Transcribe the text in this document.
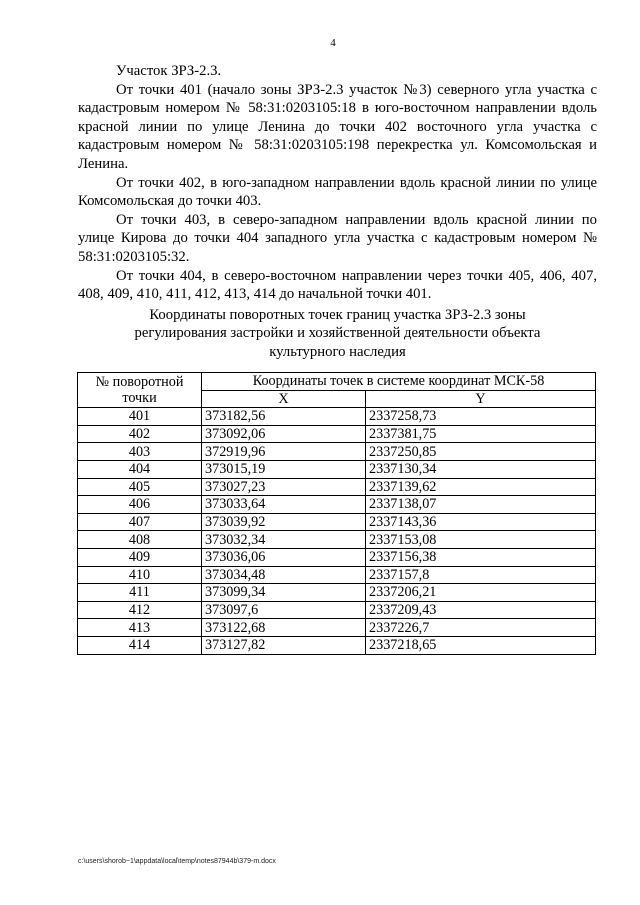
4

Участок ЗРЗ-2.3.

От точки 401 (начало зоны ЗРЗ-2.3 участок №3) северного угла участка с кадастровым номером № 58:31:0203105:18 в юго-восточном направлении вдоль красной линии по улице Ленина до точки 402 восточного угла участка с кадастровым номером № 58:31:0203105:198 перекрестка ул. Комсомольская и Ленина.

От точки 402, в юго-западном направлении вдоль красной линии по улице Комсомольская до точки 403.

От точки 403, в северо-западном направлении вдоль красной линии по улице Кирова до точки 404 западного угла участка с кадастровым номером № 58:31:0203105:32.

От точки 404, в северо-восточном направлении через точки 405, 406, 407, 408, 409, 410, 411, 412, 413, 414 до начальной точки 401.

Координаты поворотных точек границ участка ЗРЗ-2.3 зоны
регулирования застройки и хозяйственной деятельности объекта
культурного наследия
№ поворотной
точки	Координаты точек в системе координат МСК-58	
	X	Y
401	373182,56	2337258,73
402	373092,06	2337381,75
403	372919,96	2337250,85
404	373015,19	2337130,34
405	373027,23	2337139,62
406	373033,64	2337138,07
407	373039,92	2337143,36
408	373032,34	2337153,08
409	373036,06	2337156,38
410	373034,48	2337157,8
411	373099,34	2337206,21
412	373097,6	2337209,43
413	373122,68	2337226,7
414	373127,82	2337218,65
c:\users\shorob~1\appdata\local\temp\notes87944b\379-m.docx
